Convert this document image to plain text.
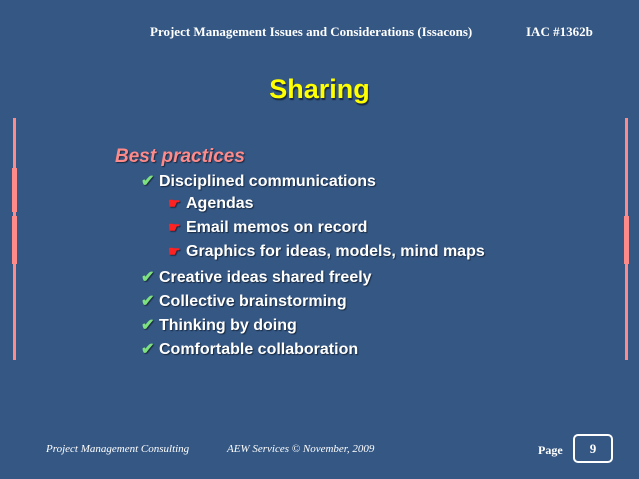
Project Management Issues and Considerations (Issacons)	IAC #1362b
Sharing
Best practices
✔ Disciplined communications
☛ Agendas
☛ Email memos on record
☛ Graphics for ideas, models, mind maps
✔ Creative ideas shared freely
✔ Collective brainstorming
✔ Thinking by doing
✔ Comfortable collaboration
Project Management Consulting	AEW Services © November, 2009	Page	9
